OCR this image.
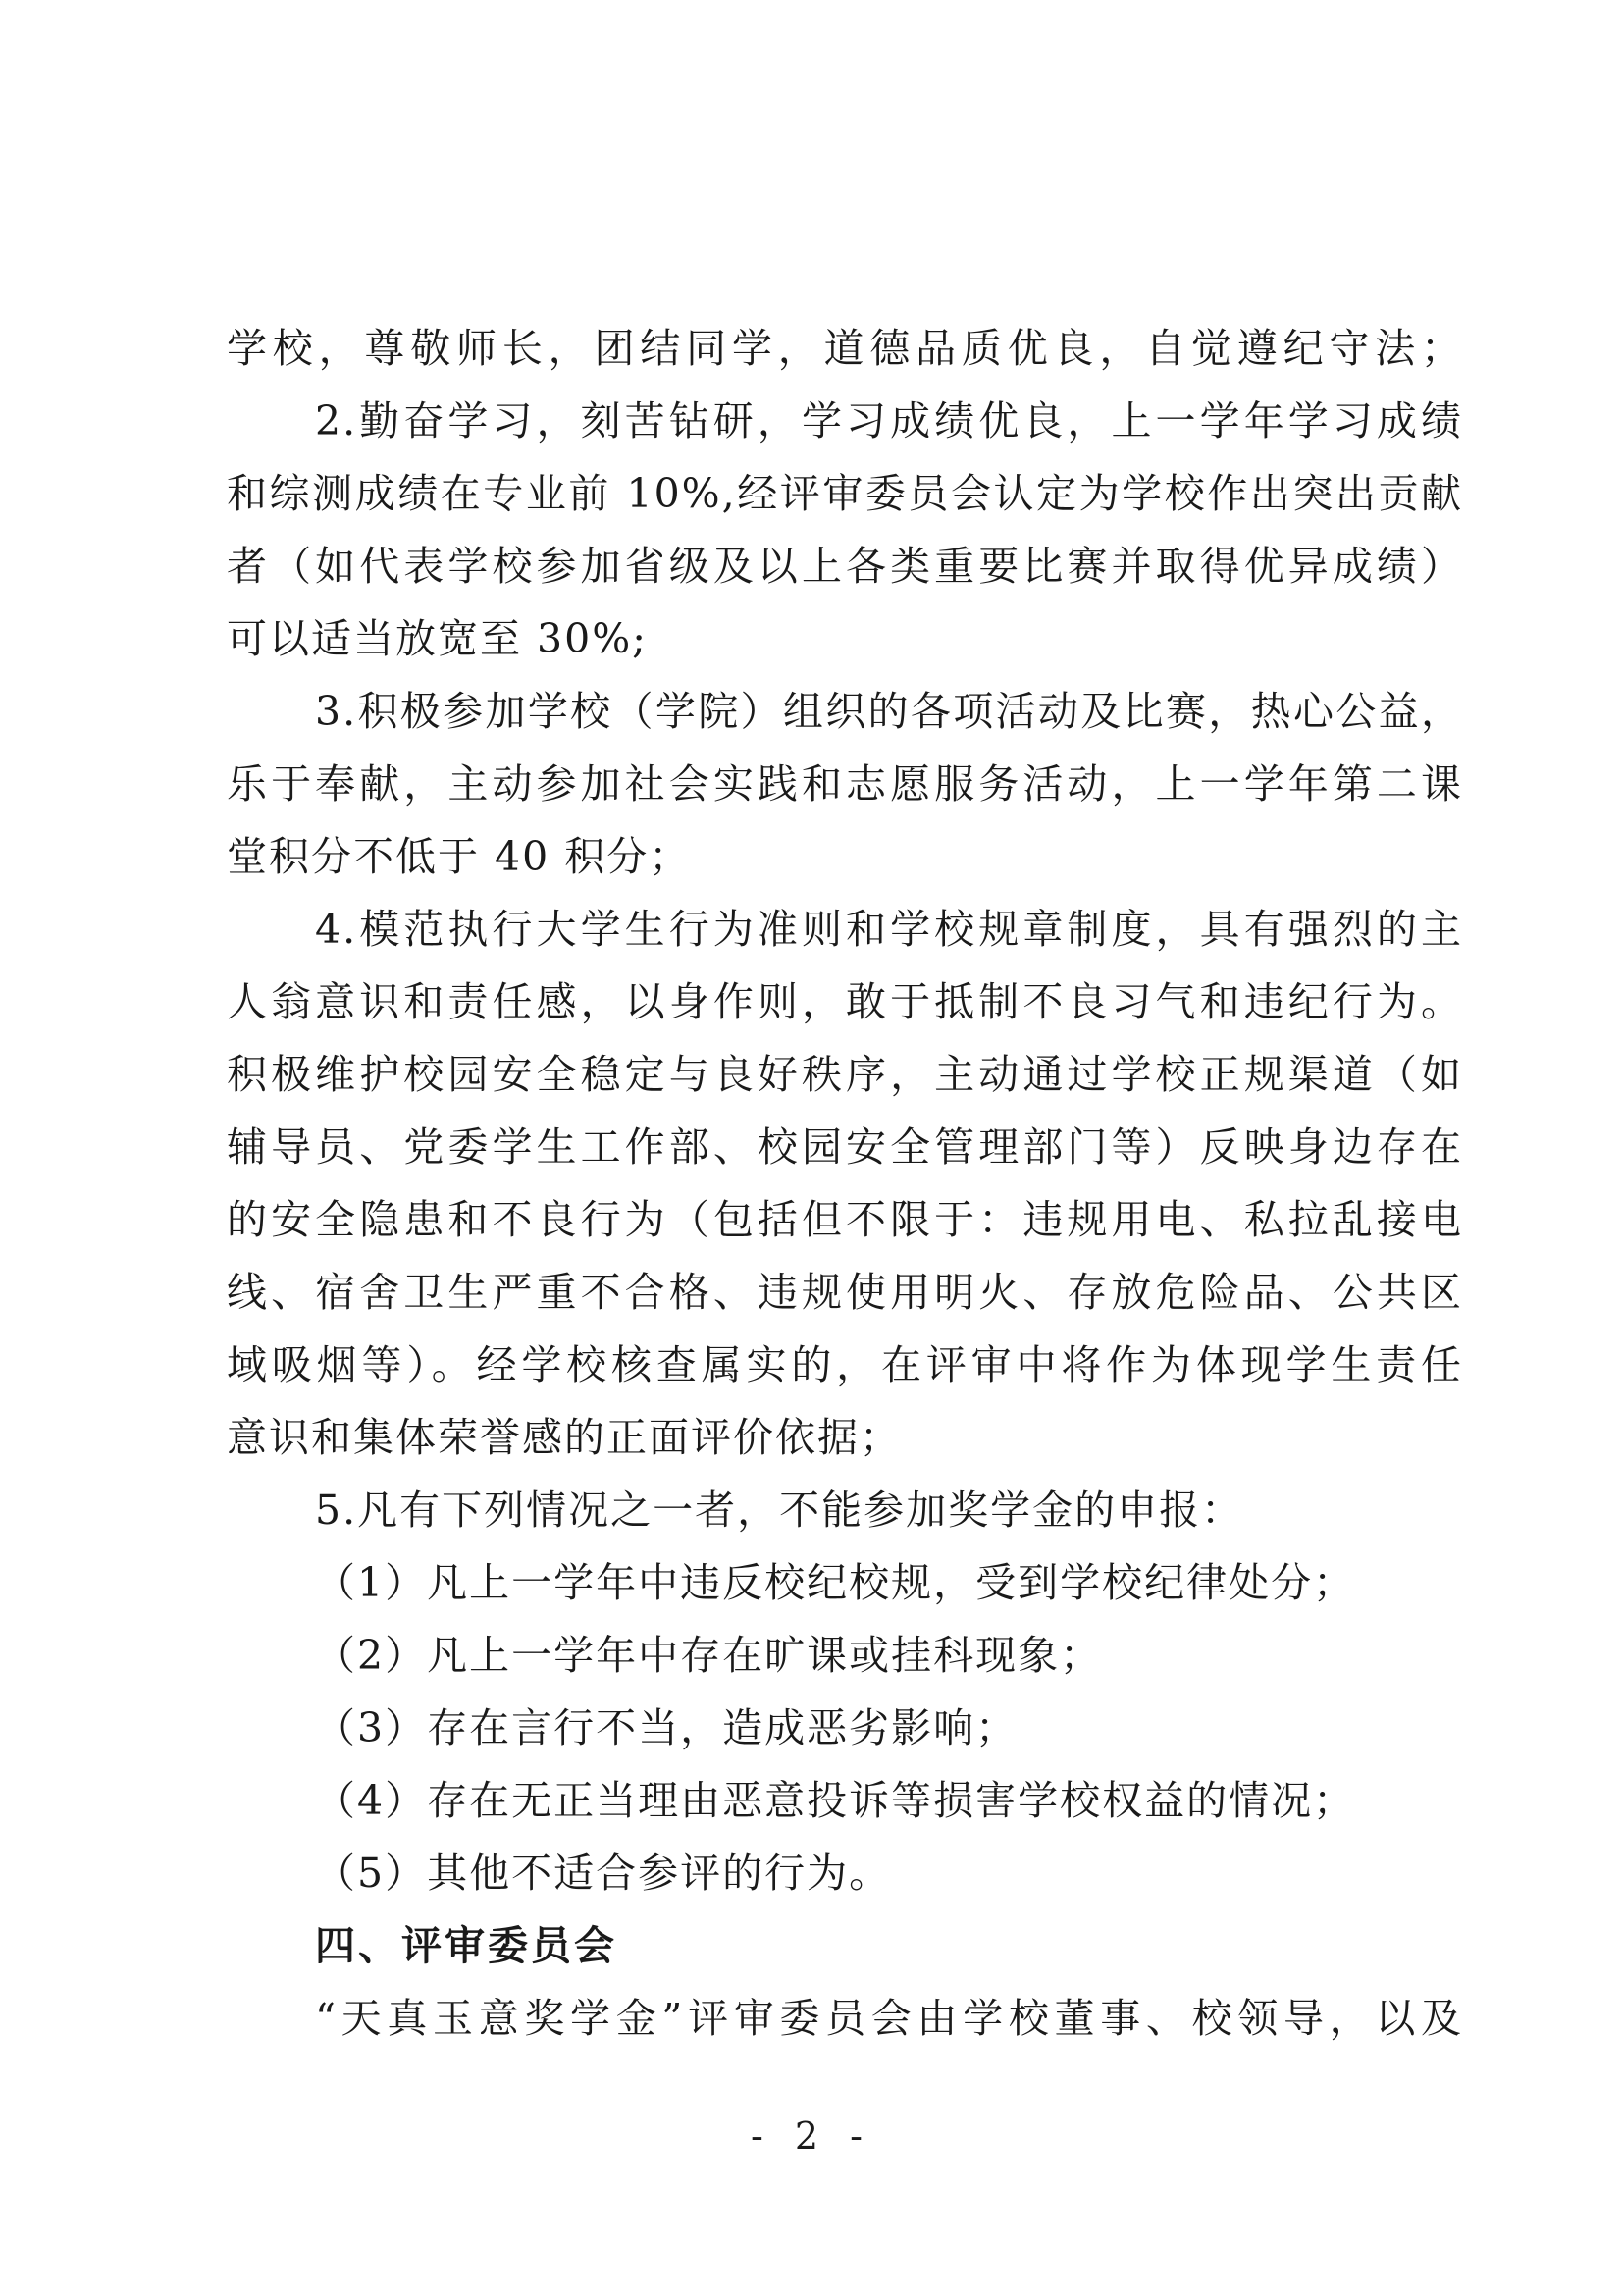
学校，尊敬师长，团结同学，道德品质优良，自觉遵纪守法；
2.勤奋学习，刻苦钻研，学习成绩优良，上一学年学习成绩
和综测成绩在专业前 10%,经评审委员会认定为学校作出突出贡献
者（如代表学校参加省级及以上各类重要比赛并取得优异成绩）
可以适当放宽至 30%;
3.积极参加学校（学院）组织的各项活动及比赛，热心公益，
乐于奉献，主动参加社会实践和志愿服务活动，上一学年第二课
堂积分不低于 40 积分；
4.模范执行大学生行为准则和学校规章制度，具有强烈的主
人翁意识和责任感，以身作则，敢于抵制不良习气和违纪行为。
积极维护校园安全稳定与良好秩序，主动通过学校正规渠道（如
辅导员、党委学生工作部、校园安全管理部门等）反映身边存在
的安全隐患和不良行为（包括但不限于：违规用电、私拉乱接电
线、宿舍卫生严重不合格、违规使用明火、存放危险品、公共区
域吸烟等）。经学校核查属实的，在评审中将作为体现学生责任
意识和集体荣誉感的正面评价依据；
5.凡有下列情况之一者，不能参加奖学金的申报：
（1）凡上一学年中违反校纪校规，受到学校纪律处分；
（2）凡上一学年中存在旷课或挂科现象；
（3）存在言行不当，造成恶劣影响；
（4）存在无正当理由恶意投诉等损害学校权益的情况；
（5）其他不适合参评的行为。
四、评审委员会
“天真玉意奖学金”评审委员会由学校董事、校领导，以及
- 2 -
